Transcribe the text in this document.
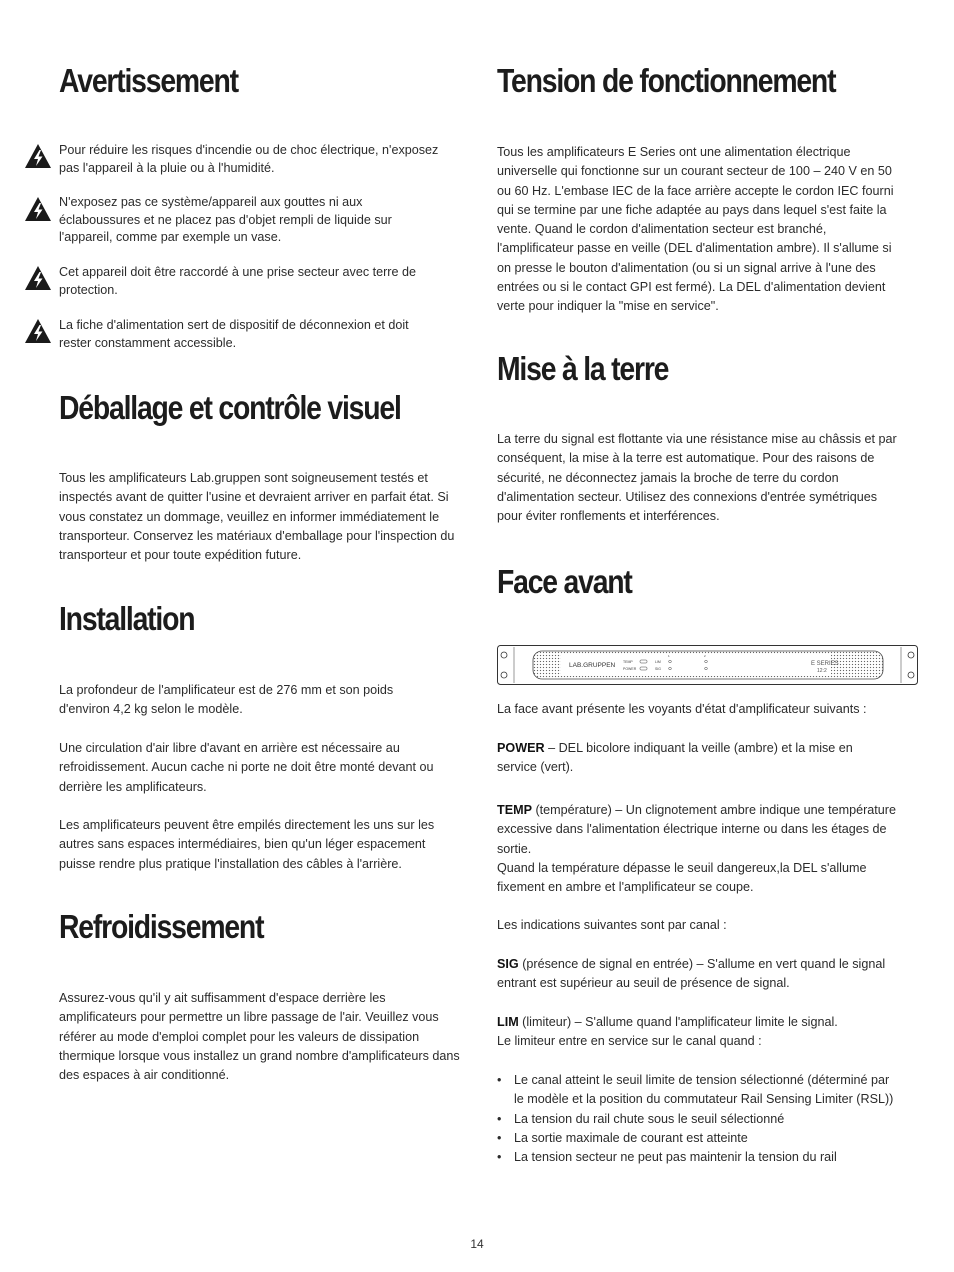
Pour réduire les risques d'incendie ou de choc électrique, n'exposez pas l'appareil à la pluie ou à l'humidité.

N'exposez pas ce système/appareil aux gouttes ni aux éclaboussures et ne placez pas d'objet rempli de liquide sur l'appareil, comme par exemple un vase.

Cet appareil doit être raccordé à une prise secteur avec terre de protection.

La fiche d'alimentation sert de dispositif de déconnexion et doit rester constamment accessible.

Avertissement
Déballage et contrôle visuel

Tous les amplificateurs Lab.gruppen sont soigneusement testés et inspectés avant de quitter l'usine et devraient arriver en parfait état. Si vous constatez un dommage, veuillez en informer immédiatement le transporteur. Conservez les matériaux d'emballage pour l'inspection du transporteur et pour toute expédition future.

Installation

La profondeur de l'amplificateur est de 276 mm et son poids d'environ 4,2 kg selon le modèle.

Une circulation d'air libre d'avant en arrière est nécessaire au refroidissement. Aucun cache ni porte ne doit être monté devant ou derrière les amplificateurs.

Les amplificateurs peuvent être empilés directement les uns sur les autres sans espaces intermédiaires, bien qu'un léger espacement puisse rendre plus pratique l'installation des câbles à l'arrière.

Refroidissement

Assurez-vous qu'il y ait suffisamment d'espace derrière les amplificateurs pour permettre un libre passage de l'air. Veuillez vous référer au mode d'emploi complet pour les valeurs de dissipation thermique lorsque vous installez un grand nombre d'amplificateurs dans des espaces à air conditionné.

Tension de fonctionnement

Tous les amplificateurs E Series ont une alimentation électrique universelle qui fonctionne sur un courant secteur de 100 – 240 V en 50 ou 60 Hz. L'embase IEC de la face arrière accepte le cordon IEC fourni qui se termine par une fiche adaptée au pays dans lequel s'est faite la vente. Quand le cordon d'alimentation secteur est branché, l'amplificateur passe en veille (DEL d'alimentation ambre). Il s'allume si on presse le bouton d'alimentation (ou si un signal arrive à l'une des entrées ou si le contact GPI est fermé). La DEL d'alimentation devient verte pour indiquer la "mise en service".

Mise à la terre

La terre du signal est flottante via une résistance mise au châssis et par conséquent, la mise à la terre est automatique. Pour des raisons de sécurité, ne déconnectez jamais la broche de terre du cordon d'alimentation secteur. Utilisez des connexions d'entrée symétriques pour éviter ronflements et interférences.

Face avant

La face avant présente les voyants d'état d'amplificateur suivants :

POWER – DEL bicolore indiquant la veille (ambre) et la mise en service (vert).

TEMP (température) – Un clignotement ambre indique une température excessive dans l'alimentation électrique interne ou dans les étages de sortie.
Quand la température dépasse le seuil dangereux,la DEL s'allume fixement en ambre et l'amplificateur se coupe.

Les indications suivantes sont par canal :

SIG (présence de signal en entrée) – S'allume en vert quand le signal entrant est supérieur au seuil de présence de signal.

LIM (limiteur) – S'allume quand l'amplificateur limite le signal.
Le limiteur entre en service sur le canal quand :

• Le canal atteint le seuil limite de tension sélectionné (déterminé par le modèle et la position du commutateur Rail Sensing Limiter (RSL))
• La tension du rail chute sous le seuil sélectionné
• La sortie maximale de courant est atteinte
• La tension secteur ne peut pas maintenir la tension du rail
LAB.GRUPPEN TEMP
POWER
1	2
LIM
SIG
E SERIES
12:2
14
